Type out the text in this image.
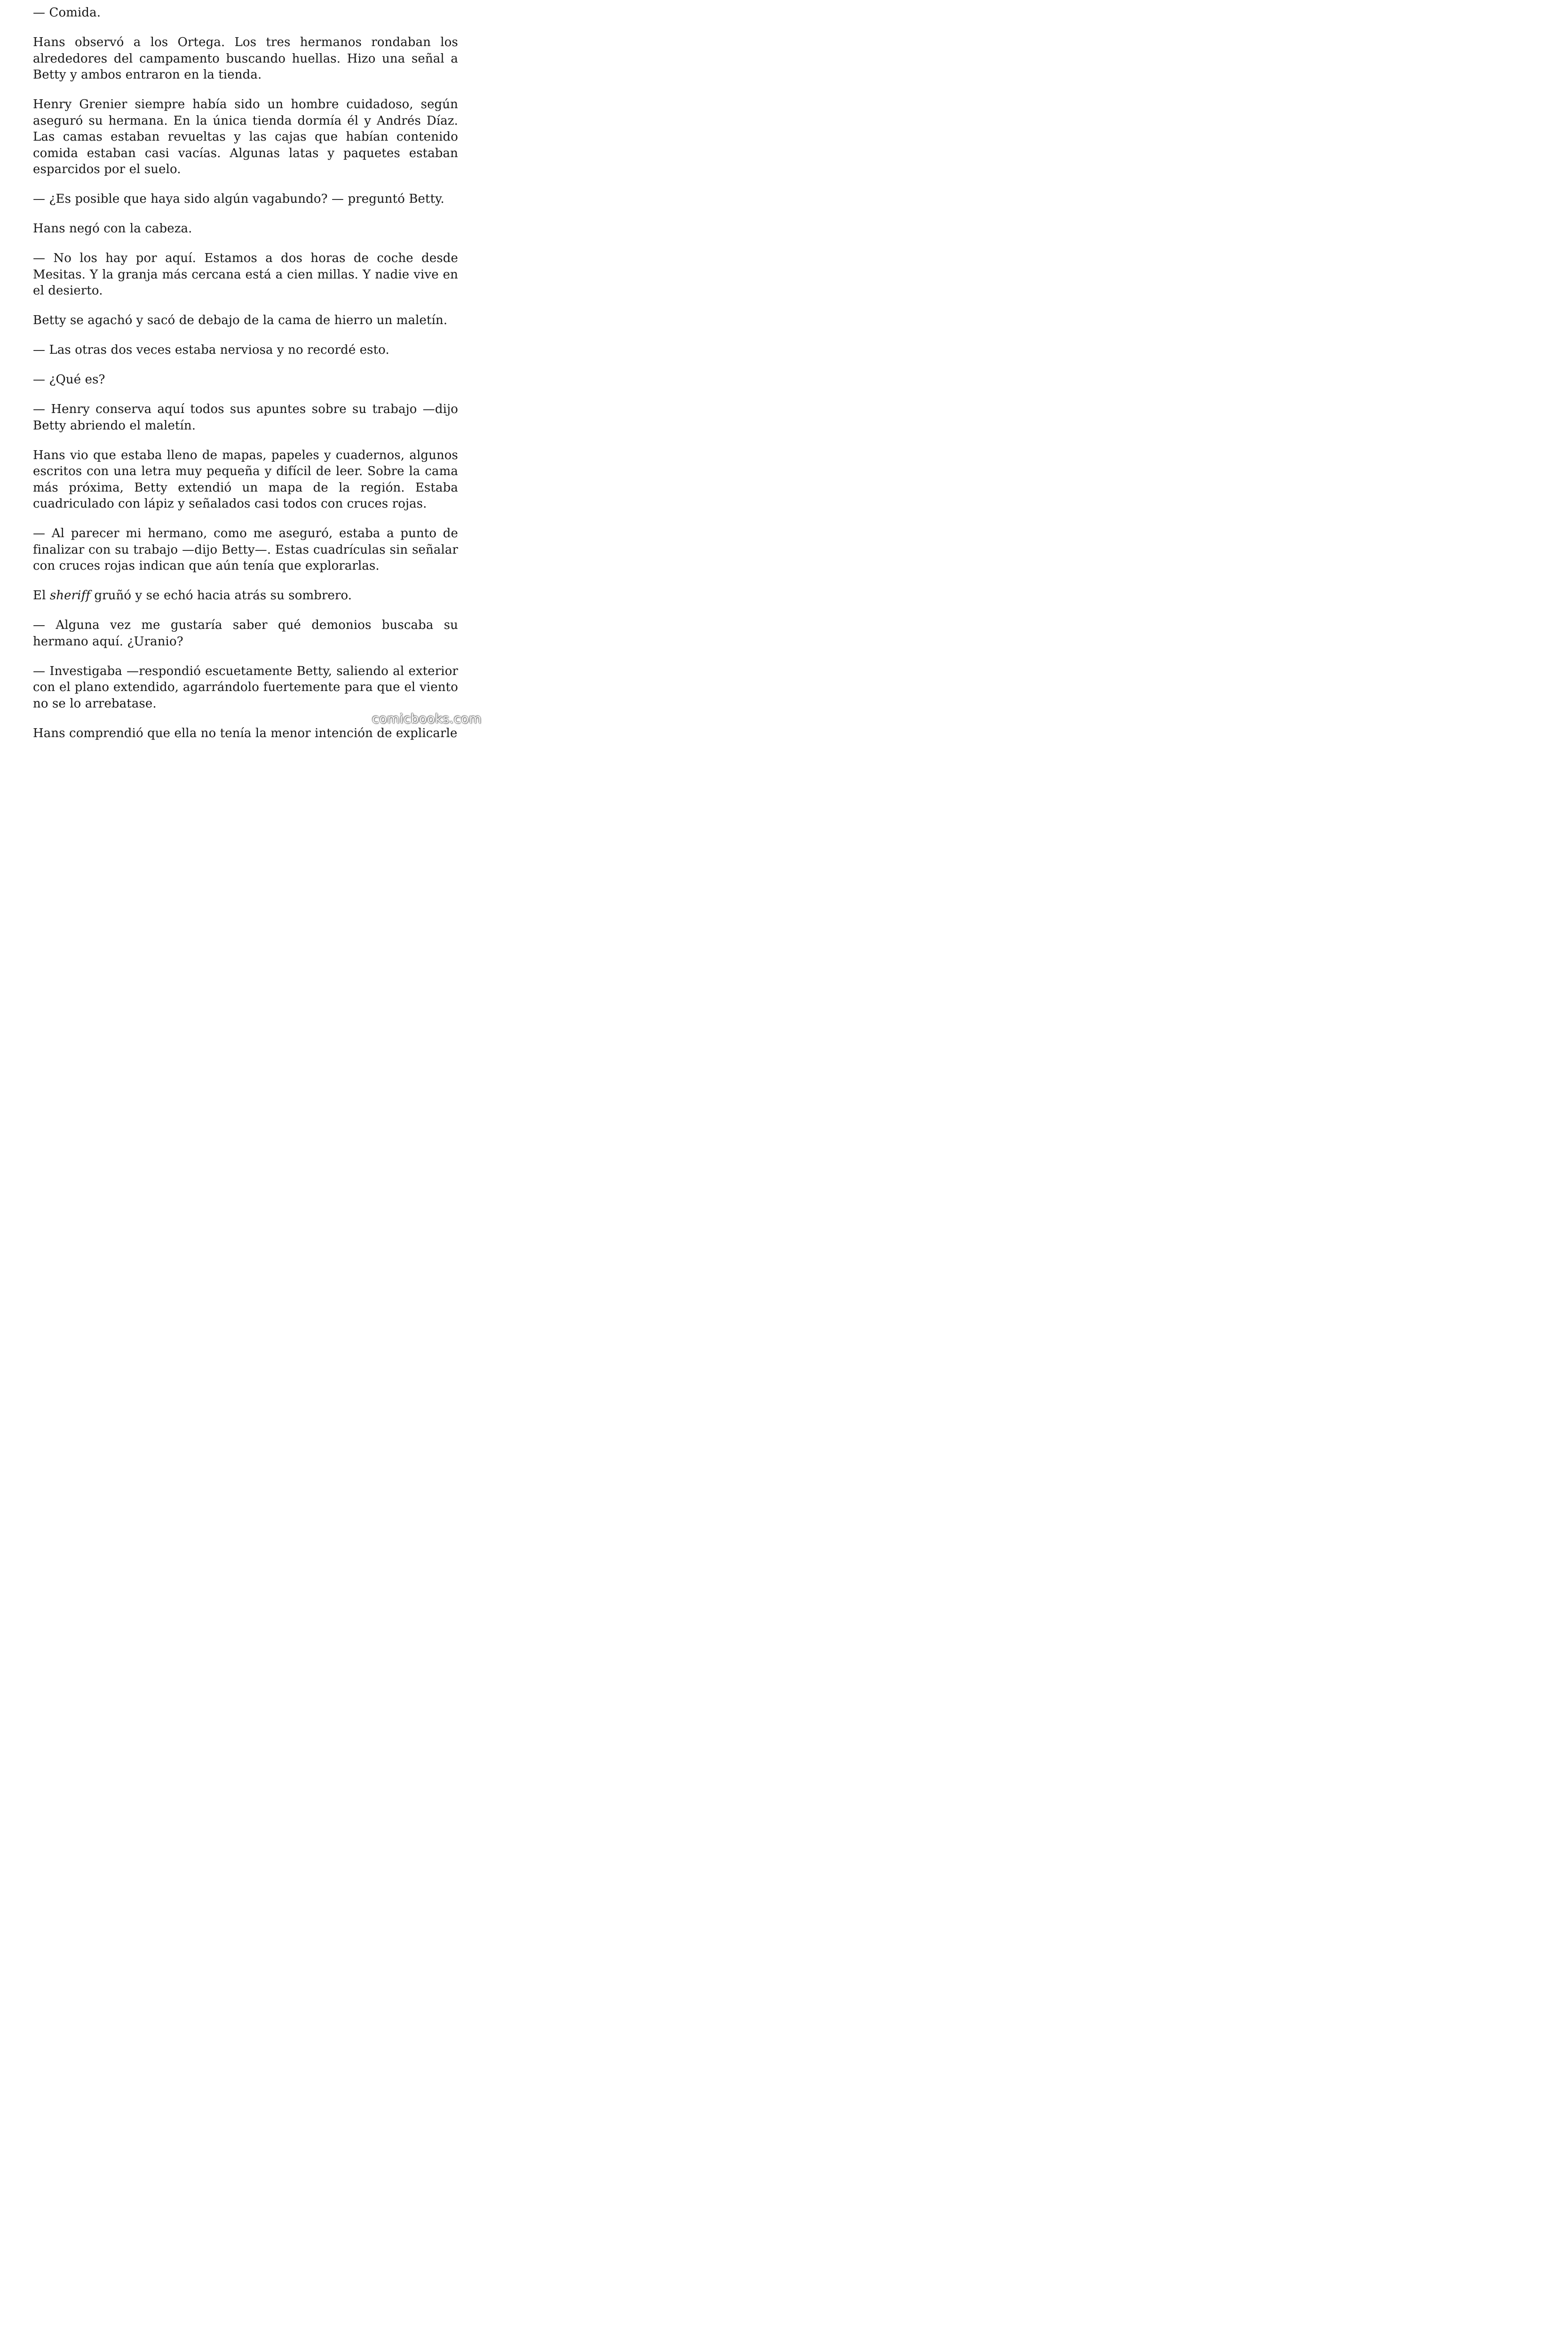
— Comida.

Hans observó a los Ortega. Los tres hermanos rondaban los alrededores del campamento buscando huellas. Hizo una señal a Betty y ambos entraron en la tienda.

Henry Grenier siempre había sido un hombre cuidadoso, según aseguró su hermana. En la única tienda dormía él y Andrés Díaz. Las camas estaban revueltas y las cajas que habían contenido comida estaban casi vacías. Algunas latas y paquetes estaban esparcidos por el suelo.

— ¿Es posible que haya sido algún vagabundo? — preguntó Betty.

Hans negó con la cabeza.

— No los hay por aquí. Estamos a dos horas de coche desde Mesitas. Y la granja más cercana está a cien millas. Y nadie vive en el desierto.

Betty se agachó y sacó de debajo de la cama de hierro un maletín.

— Las otras dos veces estaba nerviosa y no recordé esto.

— ¿Qué es?

— Henry conserva aquí todos sus apuntes sobre su trabajo —dijo Betty abriendo el maletín.

Hans vio que estaba lleno de mapas, papeles y cuadernos, algunos escritos con una letra muy pequeña y difícil de leer. Sobre la cama más próxima, Betty extendió un mapa de la región. Estaba cuadriculado con lápiz y señalados casi todos con cruces rojas.

— Al parecer mi hermano, como me aseguró, estaba a punto de finalizar con su trabajo —dijo Betty—. Estas cuadrículas sin señalar con cruces rojas indican que aún tenía que explorarlas.

El sheriff gruñó y se echó hacia atrás su sombrero.

— Alguna vez me gustaría saber qué demonios buscaba su hermano aquí. ¿Uranio?

— Investigaba —respondió escuetamente Betty, saliendo al exterior con el plano extendido, agarrándolo fuertemente para que el viento no se lo arrebatase.

Hans comprendió que ella no tenía la menor intención de explicarle

comicbooks.com
